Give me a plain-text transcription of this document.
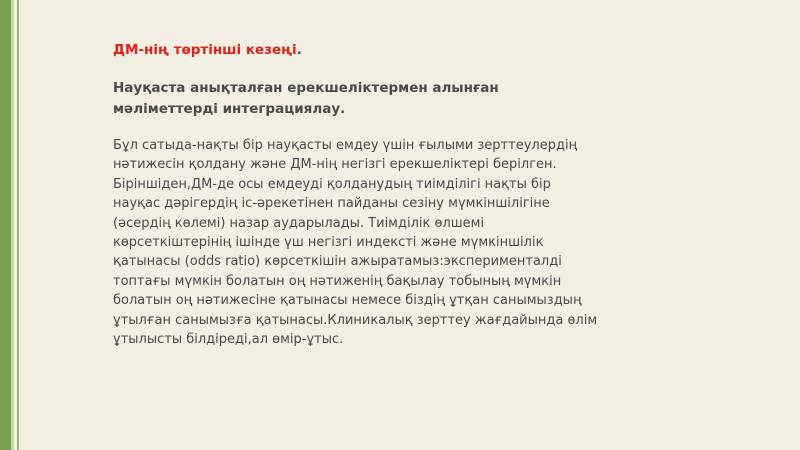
ДМ-нің төртінші кезеңі.
Науқаста анықталған ерекшеліктермен алынған
мәліметтерді интеграциялау.

Бұл сатыда-нақты бір науқасты емдеу үшін ғылыми зерттеулердің
нәтижесін қолдану және ДМ-нің негізгі ерекшеліктері берілген.
Біріншіден,ДМ-де осы емдеуді қолданудың тиімділігі нақты бір
науқас дәрігердің іс-әрекетінен пайданы сезіну мүмкіншілігіне
(әсердің көлемі) назар аударылады. Тиімділік өлшемі
көрсеткіштерінің ішінде үш негізгі индексті және мүмкіншілік
қатынасы (odds ratio) көрсеткішін ажыратамыз:эксперименталді
топтағы мүмкін болатын оң нәтиженің бақылау тобының мүмкін
болатын оң нәтижесіне қатынасы немесе біздің ұтқан санымыздың
ұтылған санымызға қатынасы.Клиникалық зерттеу жағдайында өлім
ұтылысты білдіреді,ал өмір-ұтыс.
